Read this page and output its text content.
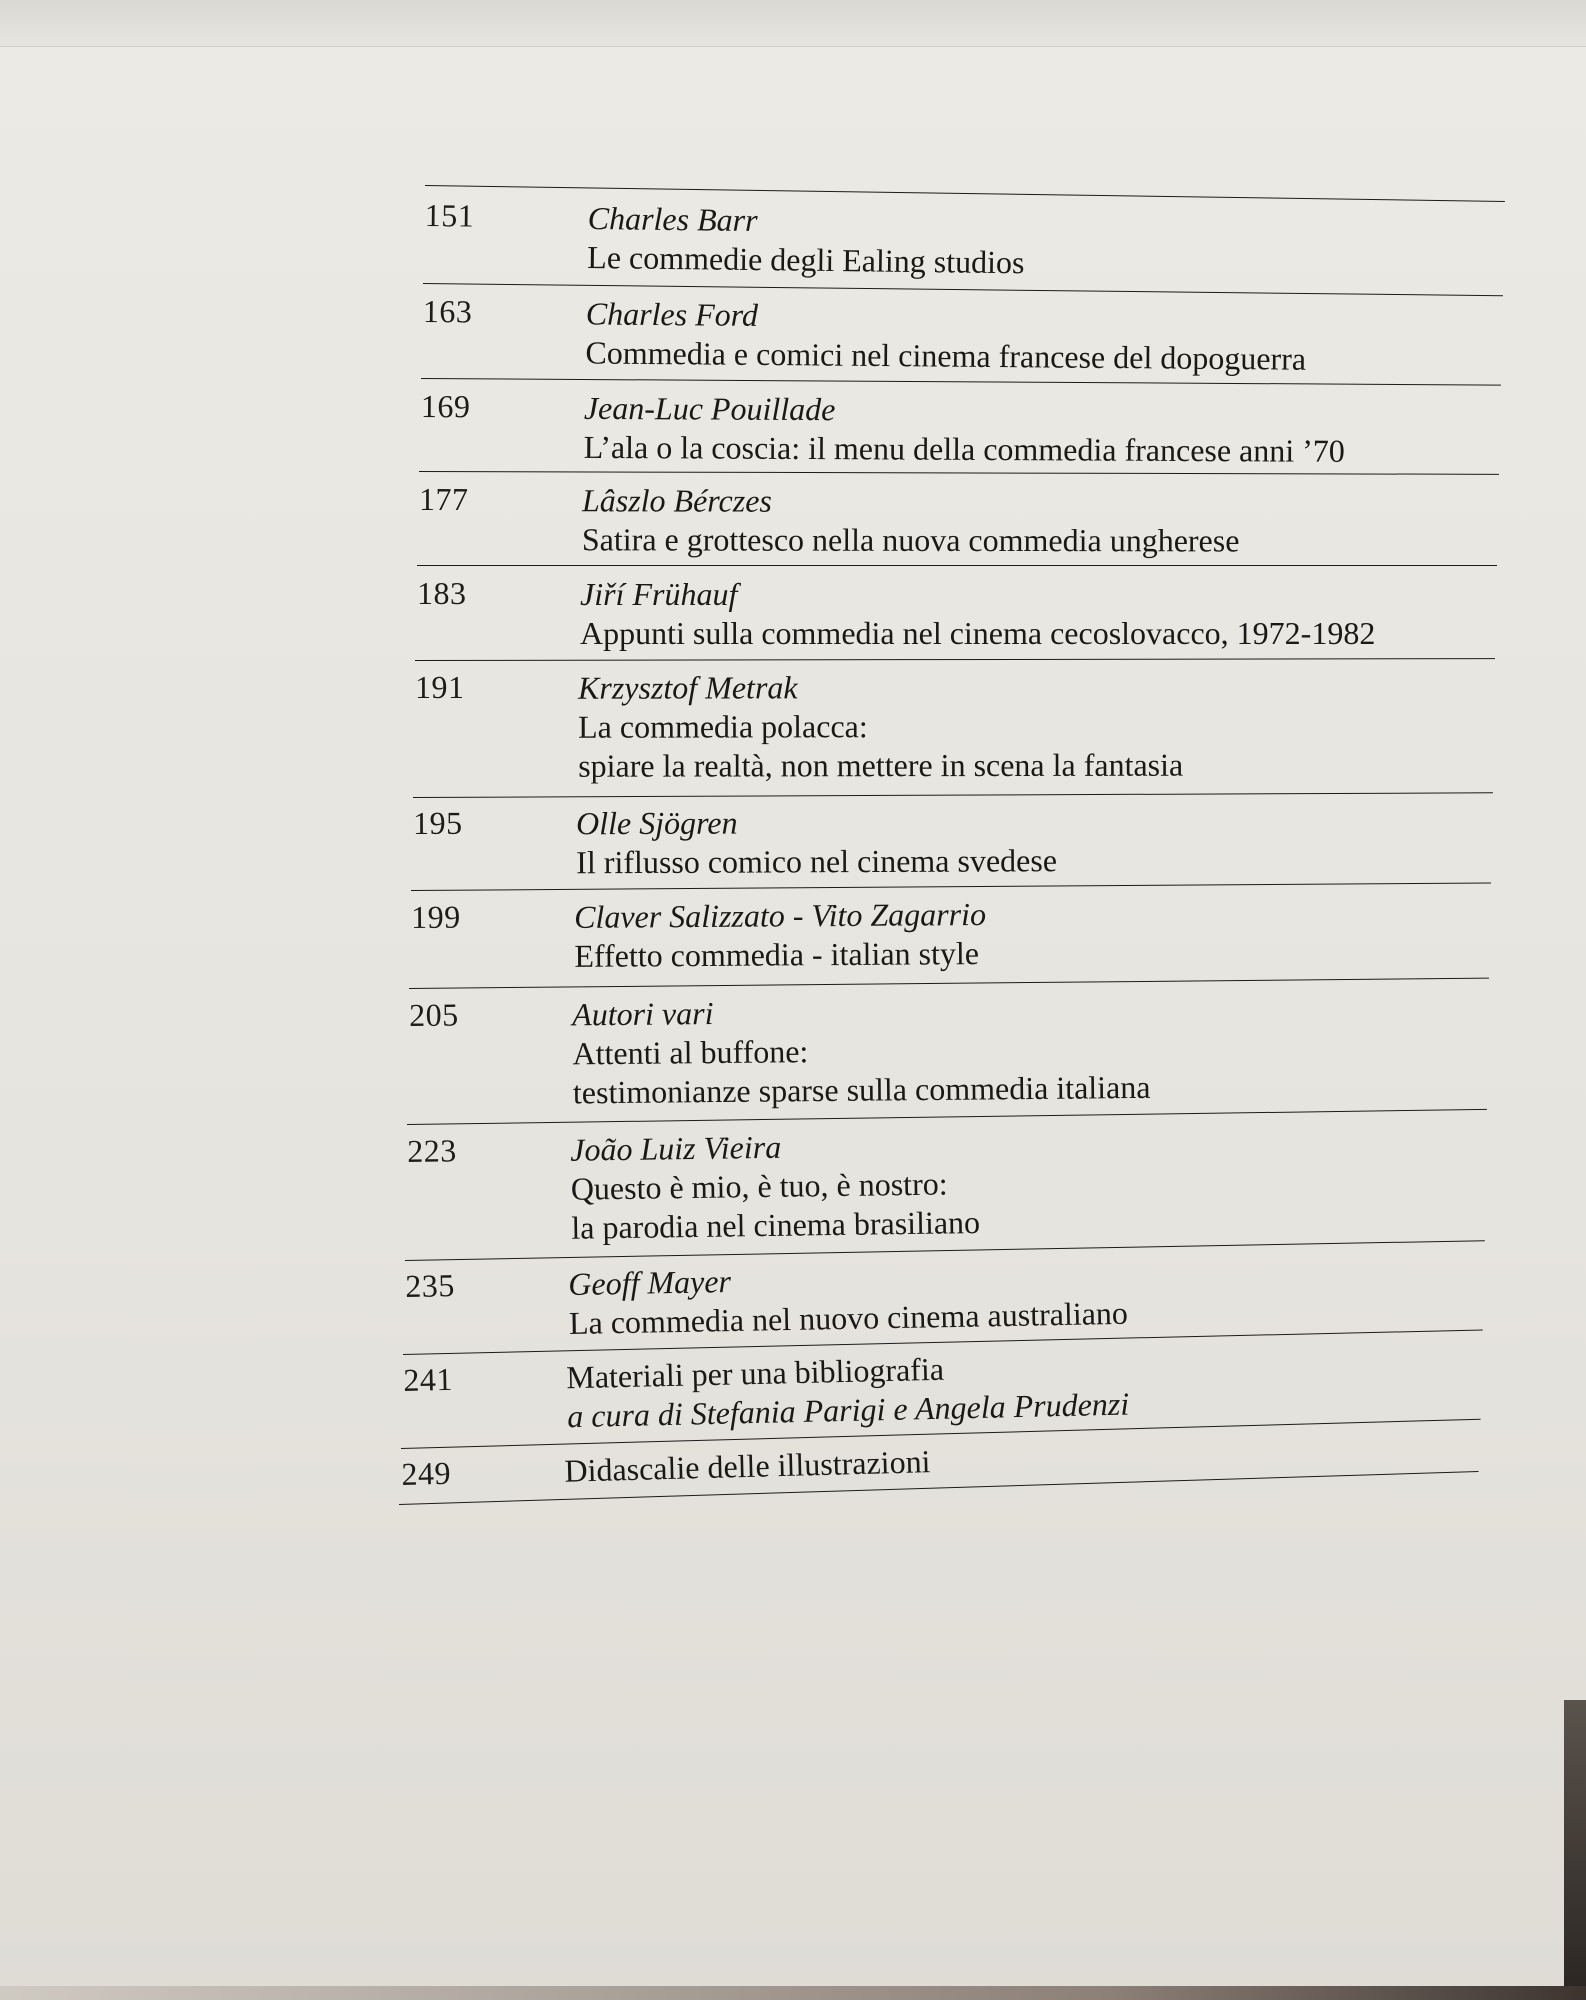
151	Charles Barr
Le commedie degli Ealing studios
163	Charles Ford
Commedia e comici nel cinema francese del dopoguerra
169	Jean-Luc Pouillade
L’ala o la coscia: il menu della commedia francese anni ’70
177	Lâszlo Bérczes
Satira e grottesco nella nuova commedia ungherese
183	Jiří Frühauf
Appunti sulla commedia nel cinema cecoslovacco, 1972-1982
191	Krzysztof Metrak
La commedia polacca:
spiare la realtà, non mettere in scena la fantasia
195	Olle Sjögren
Il riflusso comico nel cinema svedese
199	Claver Salizzato - Vito Zagarrio
Effetto commedia - italian style
205	Autori vari
Attenti al buffone:
testimonianze sparse sulla commedia italiana
223	João Luiz Vieira
Questo è mio, è tuo, è nostro:
la parodia nel cinema brasiliano
235	Geoff Mayer
La commedia nel nuovo cinema australiano
241	Materiali per una bibliografia
a cura di Stefania Parigi e Angela Prudenzi
249	Didascalie delle illustrazioni
